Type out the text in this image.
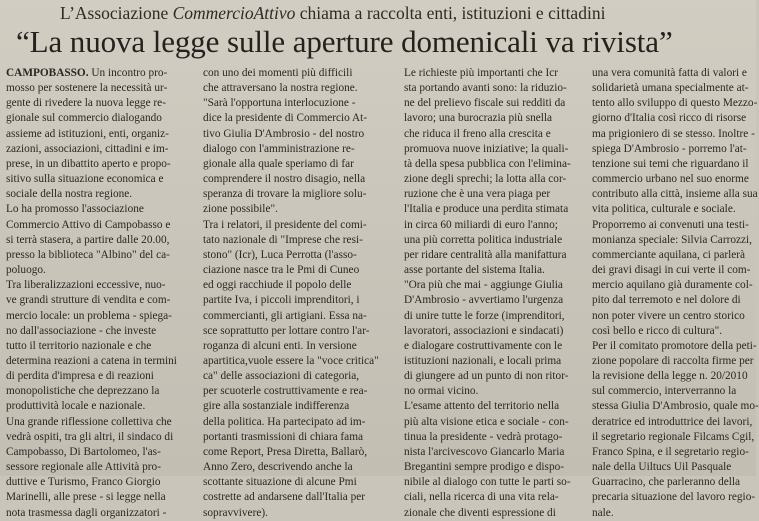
L’Associazione CommercioAttivo chiama a raccolta enti, istituzioni e cittadini
“La nuova legge sulle aperture domenicali va rivista”
CAMPOBASSO. Un incontro pro-
mosso per sostenere la necessità ur-
gente di rivedere la nuova legge re-
gionale sul commercio dialogando
assieme ad istituzioni, enti, organiz-
zazioni, associazioni, cittadini e im-
prese, in un dibattito aperto e propo-
sitivo sulla situazione economica e
sociale della nostra regione.
Lo ha promosso l'associazione
Commercio Attivo di Campobasso e
si terrà stasera, a partire dalle 20.00,
presso la biblioteca "Albino" del ca-
poluogo.
Tra liberalizzazioni eccessive, nuo-
ve grandi strutture di vendita e com-
mercio locale: un problema - spiega-
no dall'associazione - che investe
tutto il territorio nazionale e che
determina reazioni a catena in termini
di perdita d'impresa e di reazioni
monopolistiche che deprezzano la
produttività locale e nazionale.
Una grande riflessione collettiva che
vedrà ospiti, tra gli altri, il sindaco di
Campobasso, Di Bartolomeo, l'as-
sessore regionale alle Attività pro-
duttive e Turismo, Franco Giorgio
Marinelli, alle prese - si legge nella
nota trasmessa dagli organizzatori -
con uno dei momenti più difficili
che attraversano la nostra regione.
"Sarà l'opportuna interlocuzione -
dice la presidente di Commercio At-
tivo Giulia D'Ambrosio - del nostro
dialogo con l'amministrazione re-
gionale alla quale speriamo di far
comprendere il nostro disagio, nella
speranza di trovare la migliore solu-
zione possibile".
Tra i relatori, il presidente del comi-
tato nazionale di "Imprese che resi-
stono" (Icr), Luca Perrotta (l'asso-
ciazione nasce tra le Pmi di Cuneo
ed oggi racchiude il popolo delle
partite Iva, i piccoli imprenditori, i
commercianti, gli artigiani. Essa na-
sce soprattutto per lottare contro l'ar-
roganza di alcuni enti. In versione
apartitica,vuole essere la "voce critica"
ca" delle associazioni di categoria,
per scuoterle costruttivamente e rea-
gire alla sostanziale indifferenza
della politica. Ha partecipato ad im-
portanti trasmissioni di chiara fama
come Report, Presa Diretta, Ballarò,
Anno Zero, descrivendo anche la
scottante situazione di alcune Pmi
costrette ad andarsene dall'Italia per
sopravvivere).
Le richieste più importanti che Icr
sta portando avanti sono: la riduzio-
ne del prelievo fiscale sui redditi da
lavoro; una burocrazia più snella
che riduca il freno alla crescita e
promuova nuove iniziative; la quali-
tà della spesa pubblica con l'elimina-
zione degli sprechi; la lotta alla cor-
ruzione che è una vera piaga per
l'Italia e produce una perdita stimata
in circa 60 miliardi di euro l'anno;
una più corretta politica industriale
per ridare centralità alla manifattura
asse portante del sistema Italia.
"Ora più che mai - aggiunge Giulia
D'Ambrosio - avvertiamo l'urgenza
di unire tutte le forze (imprenditori,
lavoratori, associazioni e sindacati)
e dialogare costruttivamente con le
istituzioni nazionali, e locali prima
di giungere ad un punto di non ritor-
no ormai vicino.
L'esame attento del territorio nella
più alta visione etica e sociale - con-
tinua la presidente - vedrà protago-
nista l'arcivescovo Giancarlo Maria
Bregantini sempre prodigo e dispo-
nibile al dialogo con tutte le parti so-
ciali, nella ricerca di una vita rela-
zionale che diventi espressione di
una vera comunità fatta di valori e
solidarietà umana specialmente at-
tento allo sviluppo di questo Mezzo-
giorno d'Italia così ricco di risorse
ma prigioniero di se stesso. Inoltre -
spiega D'Ambrosio - porremo l'at-
tenzione sui temi che riguardano il
commercio urbano nel suo enorme
contributo alla città, insieme alla sua
vita politica, culturale e sociale.
Proporremo ai convenuti una testi-
monianza speciale: Silvia Carrozzi,
commerciante aquilana, ci parlerà
dei gravi disagi in cui verte il com-
mercio aquilano già duramente col-
pito dal terremoto e nel dolore di
non poter vivere un centro storico
così bello e ricco di cultura".
Per il comitato promotore della peti-
zione popolare di raccolta firme per
la revisione della legge n. 20/2010
sul commercio, interverranno la
stessa Giulia D'Ambrosio, quale mo-
deratrice ed introduttrice dei lavori,
il segretario regionale Filcams Cgil,
Franco Spina, e il segretario regio-
nale della Uiltucs Uil Pasquale
Guarracino, che parleranno della
precaria situazione del lavoro regio-
nale.
